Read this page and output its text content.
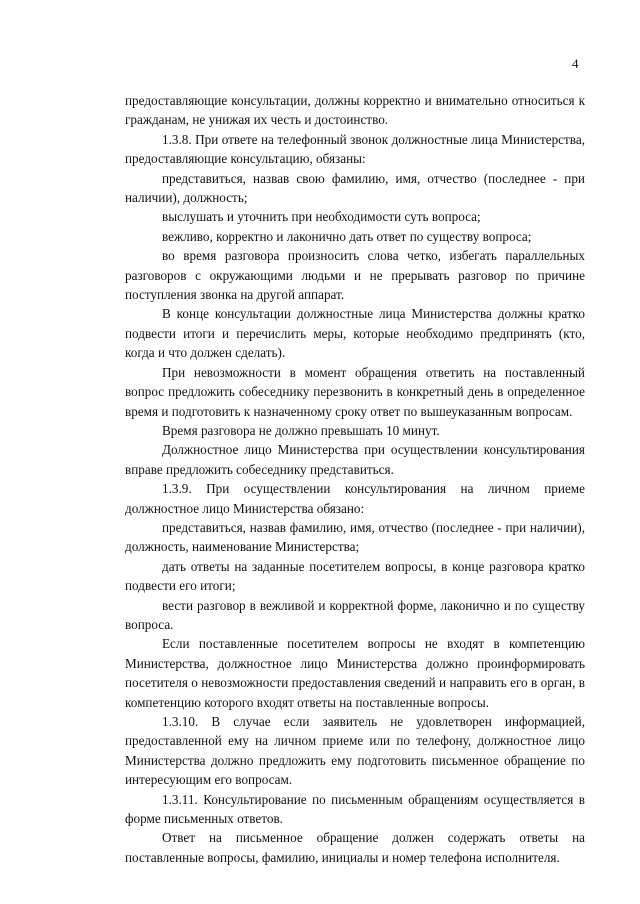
4

предоставляющие консультации, должны корректно и внимательно относиться к гражданам, не унижая их честь и достоинство.

1.3.8. При ответе на телефонный звонок должностные лица Министерства, предоставляющие консультацию, обязаны:

представиться, назвав свою фамилию, имя, отчество (последнее - при наличии), должность;

выслушать и уточнить при необходимости суть вопроса;

вежливо, корректно и лаконично дать ответ по существу вопроса;

во время разговора произносить слова четко, избегать параллельных разговоров с окружающими людьми и не прерывать разговор по причине поступления звонка на другой аппарат.

В конце консультации должностные лица Министерства должны кратко подвести итоги и перечислить меры, которые необходимо предпринять (кто, когда и что должен сделать).

При невозможности в момент обращения ответить на поставленный вопрос предложить собеседнику перезвонить в конкретный день в определенное время и подготовить к назначенному сроку ответ по вышеуказанным вопросам.

Время разговора не должно превышать 10 минут.

Должностное лицо Министерства при осуществлении консультирования вправе предложить собеседнику представиться.

1.3.9. При осуществлении консультирования на личном приеме должностное лицо Министерства обязано:

представиться, назвав фамилию, имя, отчество (последнее - при наличии), должность, наименование Министерства;

дать ответы на заданные посетителем вопросы, в конце разговора кратко подвести его итоги;

вести разговор в вежливой и корректной форме, лаконично и по существу вопроса.

Если поставленные посетителем вопросы не входят в компетенцию Министерства, должностное лицо Министерства должно проинформировать посетителя о невозможности предоставления сведений и направить его в орган, в компетенцию которого входят ответы на поставленные вопросы.

1.3.10. В случае если заявитель не удовлетворен информацией, предоставленной ему на личном приеме или по телефону, должностное лицо Министерства должно предложить ему подготовить письменное обращение по интересующим его вопросам.

1.3.11. Консультирование по письменным обращениям осуществляется в форме письменных ответов.

Ответ на письменное обращение должен содержать ответы на поставленные вопросы, фамилию, инициалы и номер телефона исполнителя.
